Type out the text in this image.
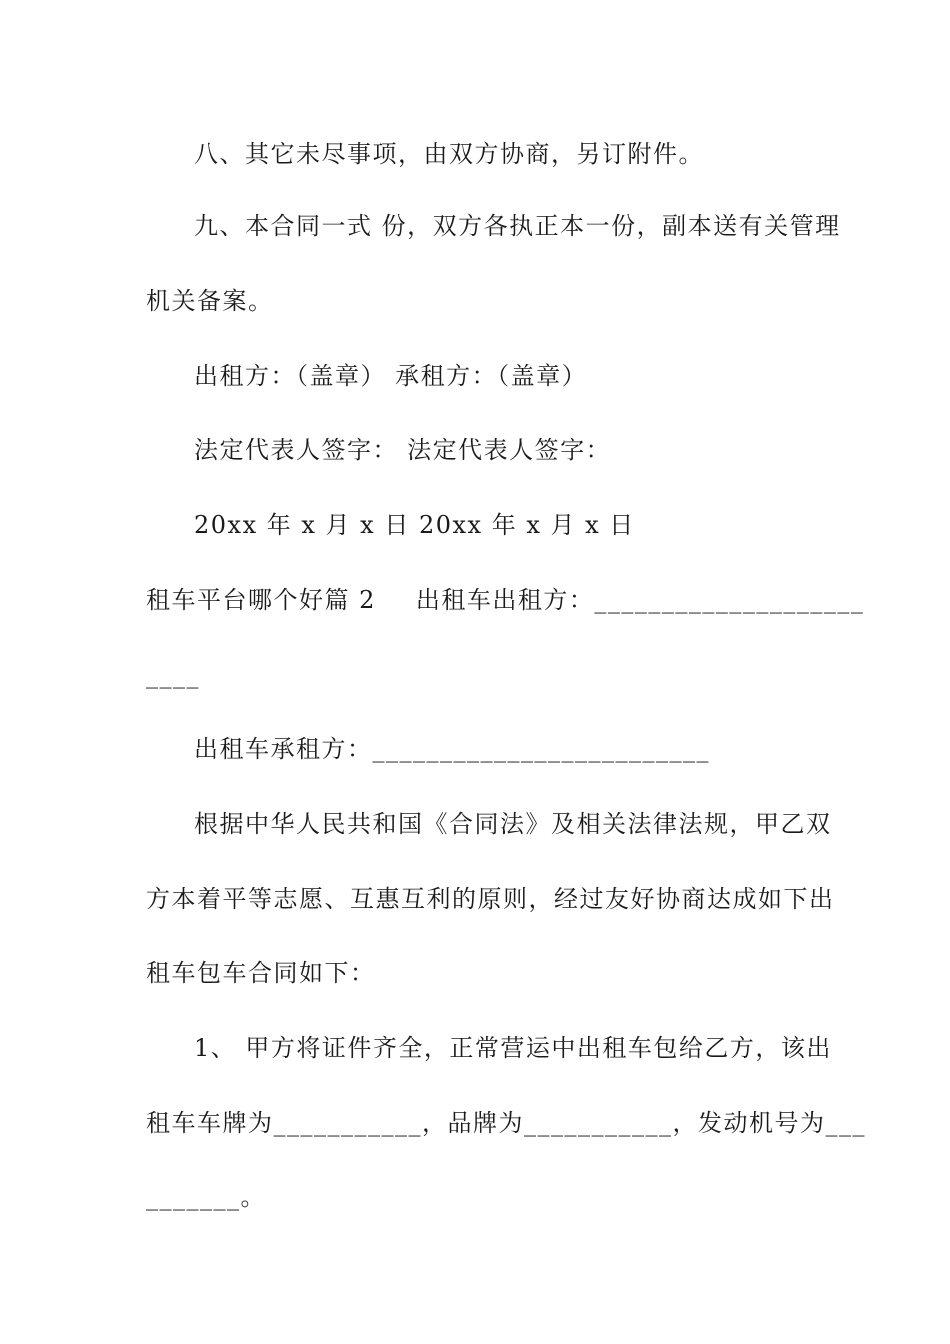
八、其它未尽事项，由双方协商，另订附件。
九、本合同一式 份，双方各执正本一份，副本送有关管理
机关备案。
出租方：（盖章） 承租方：（盖章）
法定代表人签字： 法定代表人签字：
20xx 年 x 月 x 日 20xx 年 x 月 x 日
租车平台哪个好篇 2 出租车出租方：____________________
____
出租车承租方：_________________________
根据中华人民共和国《合同法》及相关法律法规，甲乙双
方本着平等志愿、互惠互利的原则，经过友好协商达成如下出
租车包车合同如下：
1、 甲方将证件齐全，正常营运中出租车包给乙方，该出
租车车牌为___________，品牌为___________，发动机号为___
_______。
